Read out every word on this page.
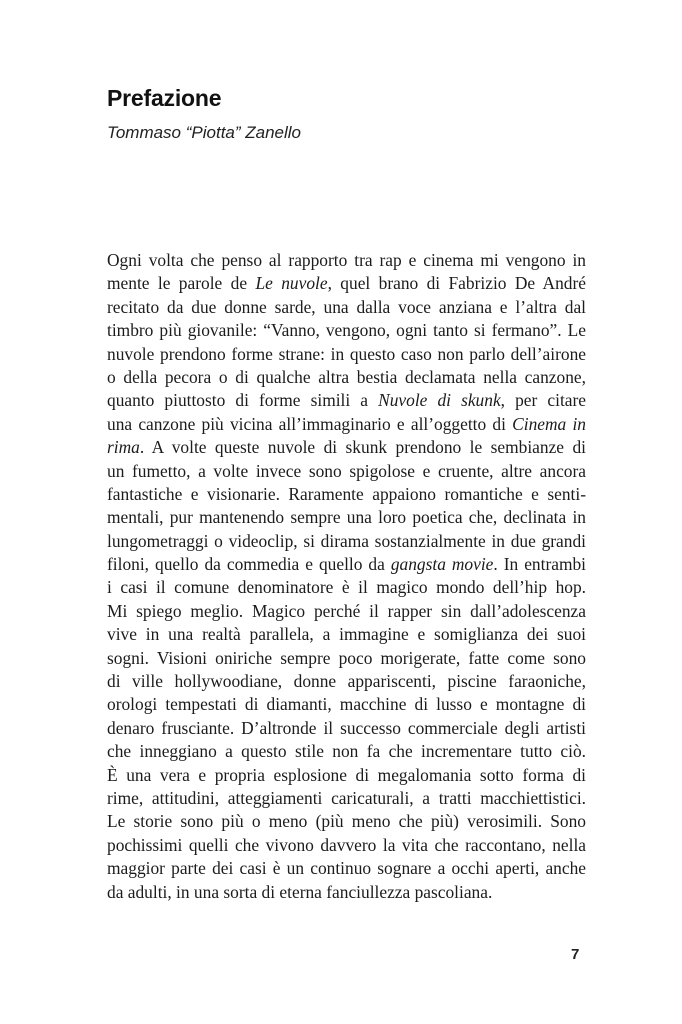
Prefazione

Tommaso “Piotta” Zanello

Ogni volta che penso al rapporto tra rap e cinema mi vengono in
mente le parole de Le nuvole, quel brano di Fabrizio De André
recitato da due donne sarde, una dalla voce anziana e l’altra dal
timbro più giovanile: “Vanno, vengono, ogni tanto si fermano”. Le
nuvole prendono forme strane: in questo caso non parlo dell’airone
o della pecora o di qualche altra bestia declamata nella canzone,
quanto piuttosto di forme simili a Nuvole di skunk, per citare
una canzone più vicina all’immaginario e all’oggetto di Cinema in
rima. A volte queste nuvole di skunk prendono le sembianze di
un fumetto, a volte invece sono spigolose e cruente, altre ancora
fantastiche e visionarie. Raramente appaiono romantiche e senti-
mentali, pur mantenendo sempre una loro poetica che, declinata in
lungometraggi o videoclip, si dirama sostanzialmente in due grandi
filoni, quello da commedia e quello da gangsta movie. In entrambi
i casi il comune denominatore è il magico mondo dell’hip hop.
Mi spiego meglio. Magico perché il rapper sin dall’adolescenza
vive in una realtà parallela, a immagine e somiglianza dei suoi
sogni. Visioni oniriche sempre poco morigerate, fatte come sono
di ville hollywoodiane, donne appariscenti, piscine faraoniche,
orologi tempestati di diamanti, macchine di lusso e montagne di
denaro frusciante. D’altronde il successo commerciale degli artisti
che inneggiano a questo stile non fa che incrementare tutto ciò.
È una vera e propria esplosione di megalomania sotto forma di
rime, attitudini, atteggiamenti caricaturali, a tratti macchiettistici.
Le storie sono più o meno (più meno che più) verosimili. Sono
pochissimi quelli che vivono davvero la vita che raccontano, nella
maggior parte dei casi è un continuo sognare a occhi aperti, anche
da adulti, in una sorta di eterna fanciullezza pascoliana.

7
